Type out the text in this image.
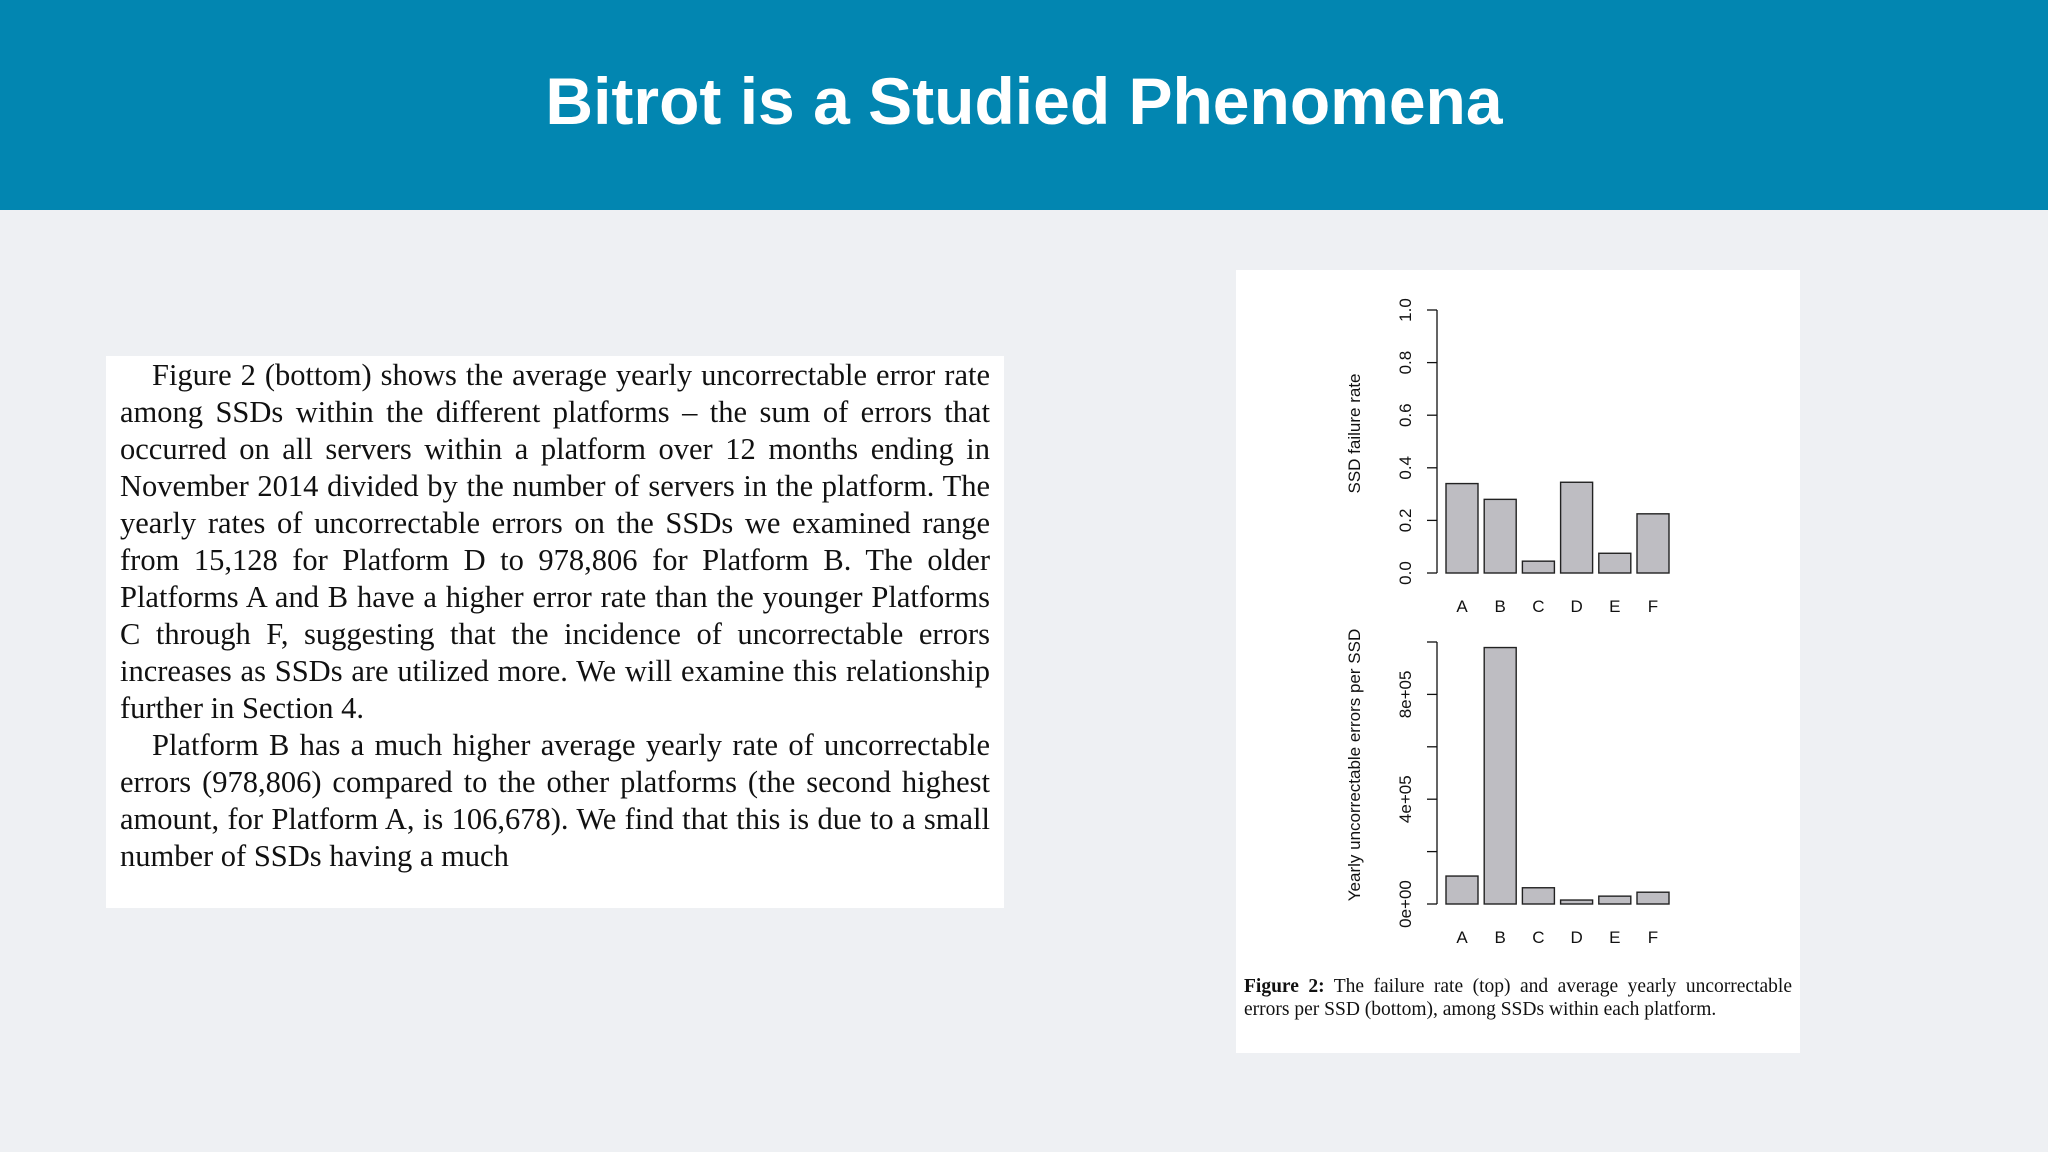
Bitrot is a Studied Phenomena

Figure 2 (bottom) shows the average yearly uncorrectable error rate among SSDs within the different platforms – the sum of errors that occurred on all servers within a platform over 12 months ending in November 2014 divided by the number of servers in the platform. The yearly rates of uncorrectable errors on the SSDs we examined range from 15,128 for Platform D to 978,806 for Platform B. The older Platforms A and B have a higher error rate than the younger Platforms C through F, suggesting that the incidence of uncorrectable errors increases as SSDs are utilized more. We will examine this relationship further in Section 4.

Platform B has a much higher average yearly rate of uncorrectable errors (978,806) compared to the other platforms (the second highest amount, for Platform A, is 106,678). We find that this is due to a small number of SSDs having a much

0.0
0.2
0.4
0.6
0.8
1.0
SSD failure rate
A B C D E F
0e+00
4e+05
8e+05
Yearly uncorrectable errors per SSD
A B C D E F
Figure 2: The failure rate (top) and average yearly uncorrectable errors per SSD (bottom), among SSDs within each platform.
